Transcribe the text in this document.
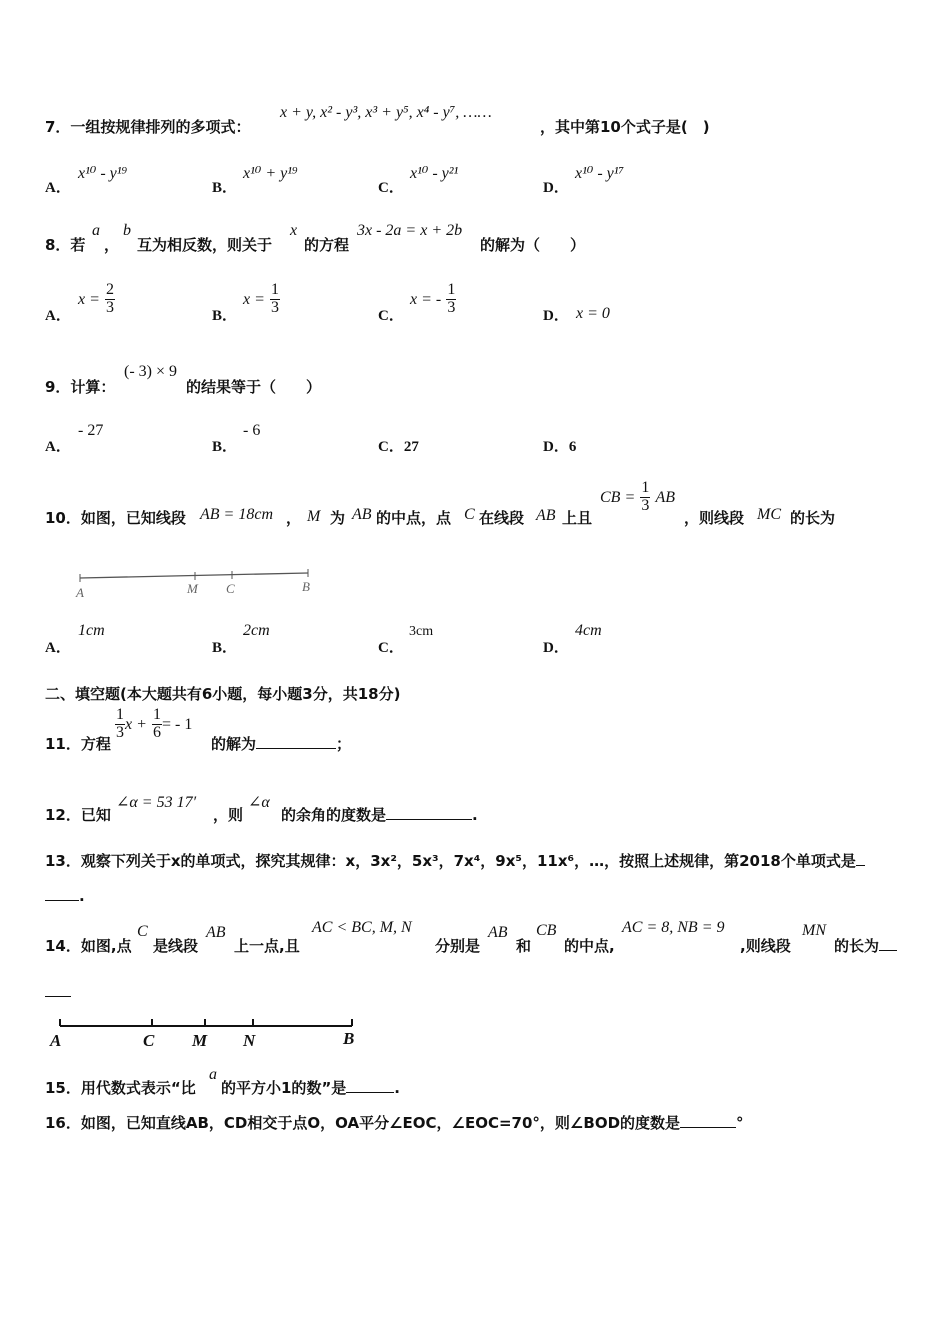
7．一组按规律排列的多项式：
x + y, x² - y³, x³ + y⁵, x⁴ - y⁷, ……
，其中第10个式子是(　)
A．
x¹⁰ - y¹⁹
B．
x¹⁰ + y¹⁹
C．
x¹⁰ - y²¹
D．
x¹⁰ - y¹⁷
8．若
a
，
b
互为相反数，则关于
x
的方程
3x - 2a = x + 2b
的解为（　　）
A．
$x = \frac{2}{3}$	B．
$x = \frac{1}{3}$	C．
x = - $\frac{1}{3}$	D． x = 0
9．计算：
(- 3) × 9
的结果等于（　　）
A．
- 27
B．
- 6
C．27	D．6
10．如图，已知线段 AB = 18cm ， M 为 AB 的中点，点 C 在线段 AB 上且
CB = $\frac{1}{3}$ AB
，则线段 MC 的长为
A	M C	B
A．
1cm
B．
2cm
C．
3cm
D．
4cm
二、填空题(本大题共有6小题，每小题3分，共18分)
11．方程
$\frac{1}{3}$ $x + \frac{1}{6}$ = - 1
的解为	；
12．已知
∠α = 53 17′
，则
∠α
的余角的度数是	.
13．观察下列关于x的单项式，探究其规律：x，3x²，5x³，7x⁴，9x⁵，11x⁶，…，按照上述规律，第2018个单项式是
.
14．如图,点
C
是线段
AB
上一点,且
AC < BC, M, N
分别是
AB
和
CB
的中点,
AC = 8, NB = 9
,则线段
MN
的长为
A	C M N	B
15．用代数式表示“比
a
的平方小1的数”是	.
16．如图，已知直线AB，CD相交于点O，OA平分∠EOC，∠EOC=70°，则∠BOD的度数是	°
